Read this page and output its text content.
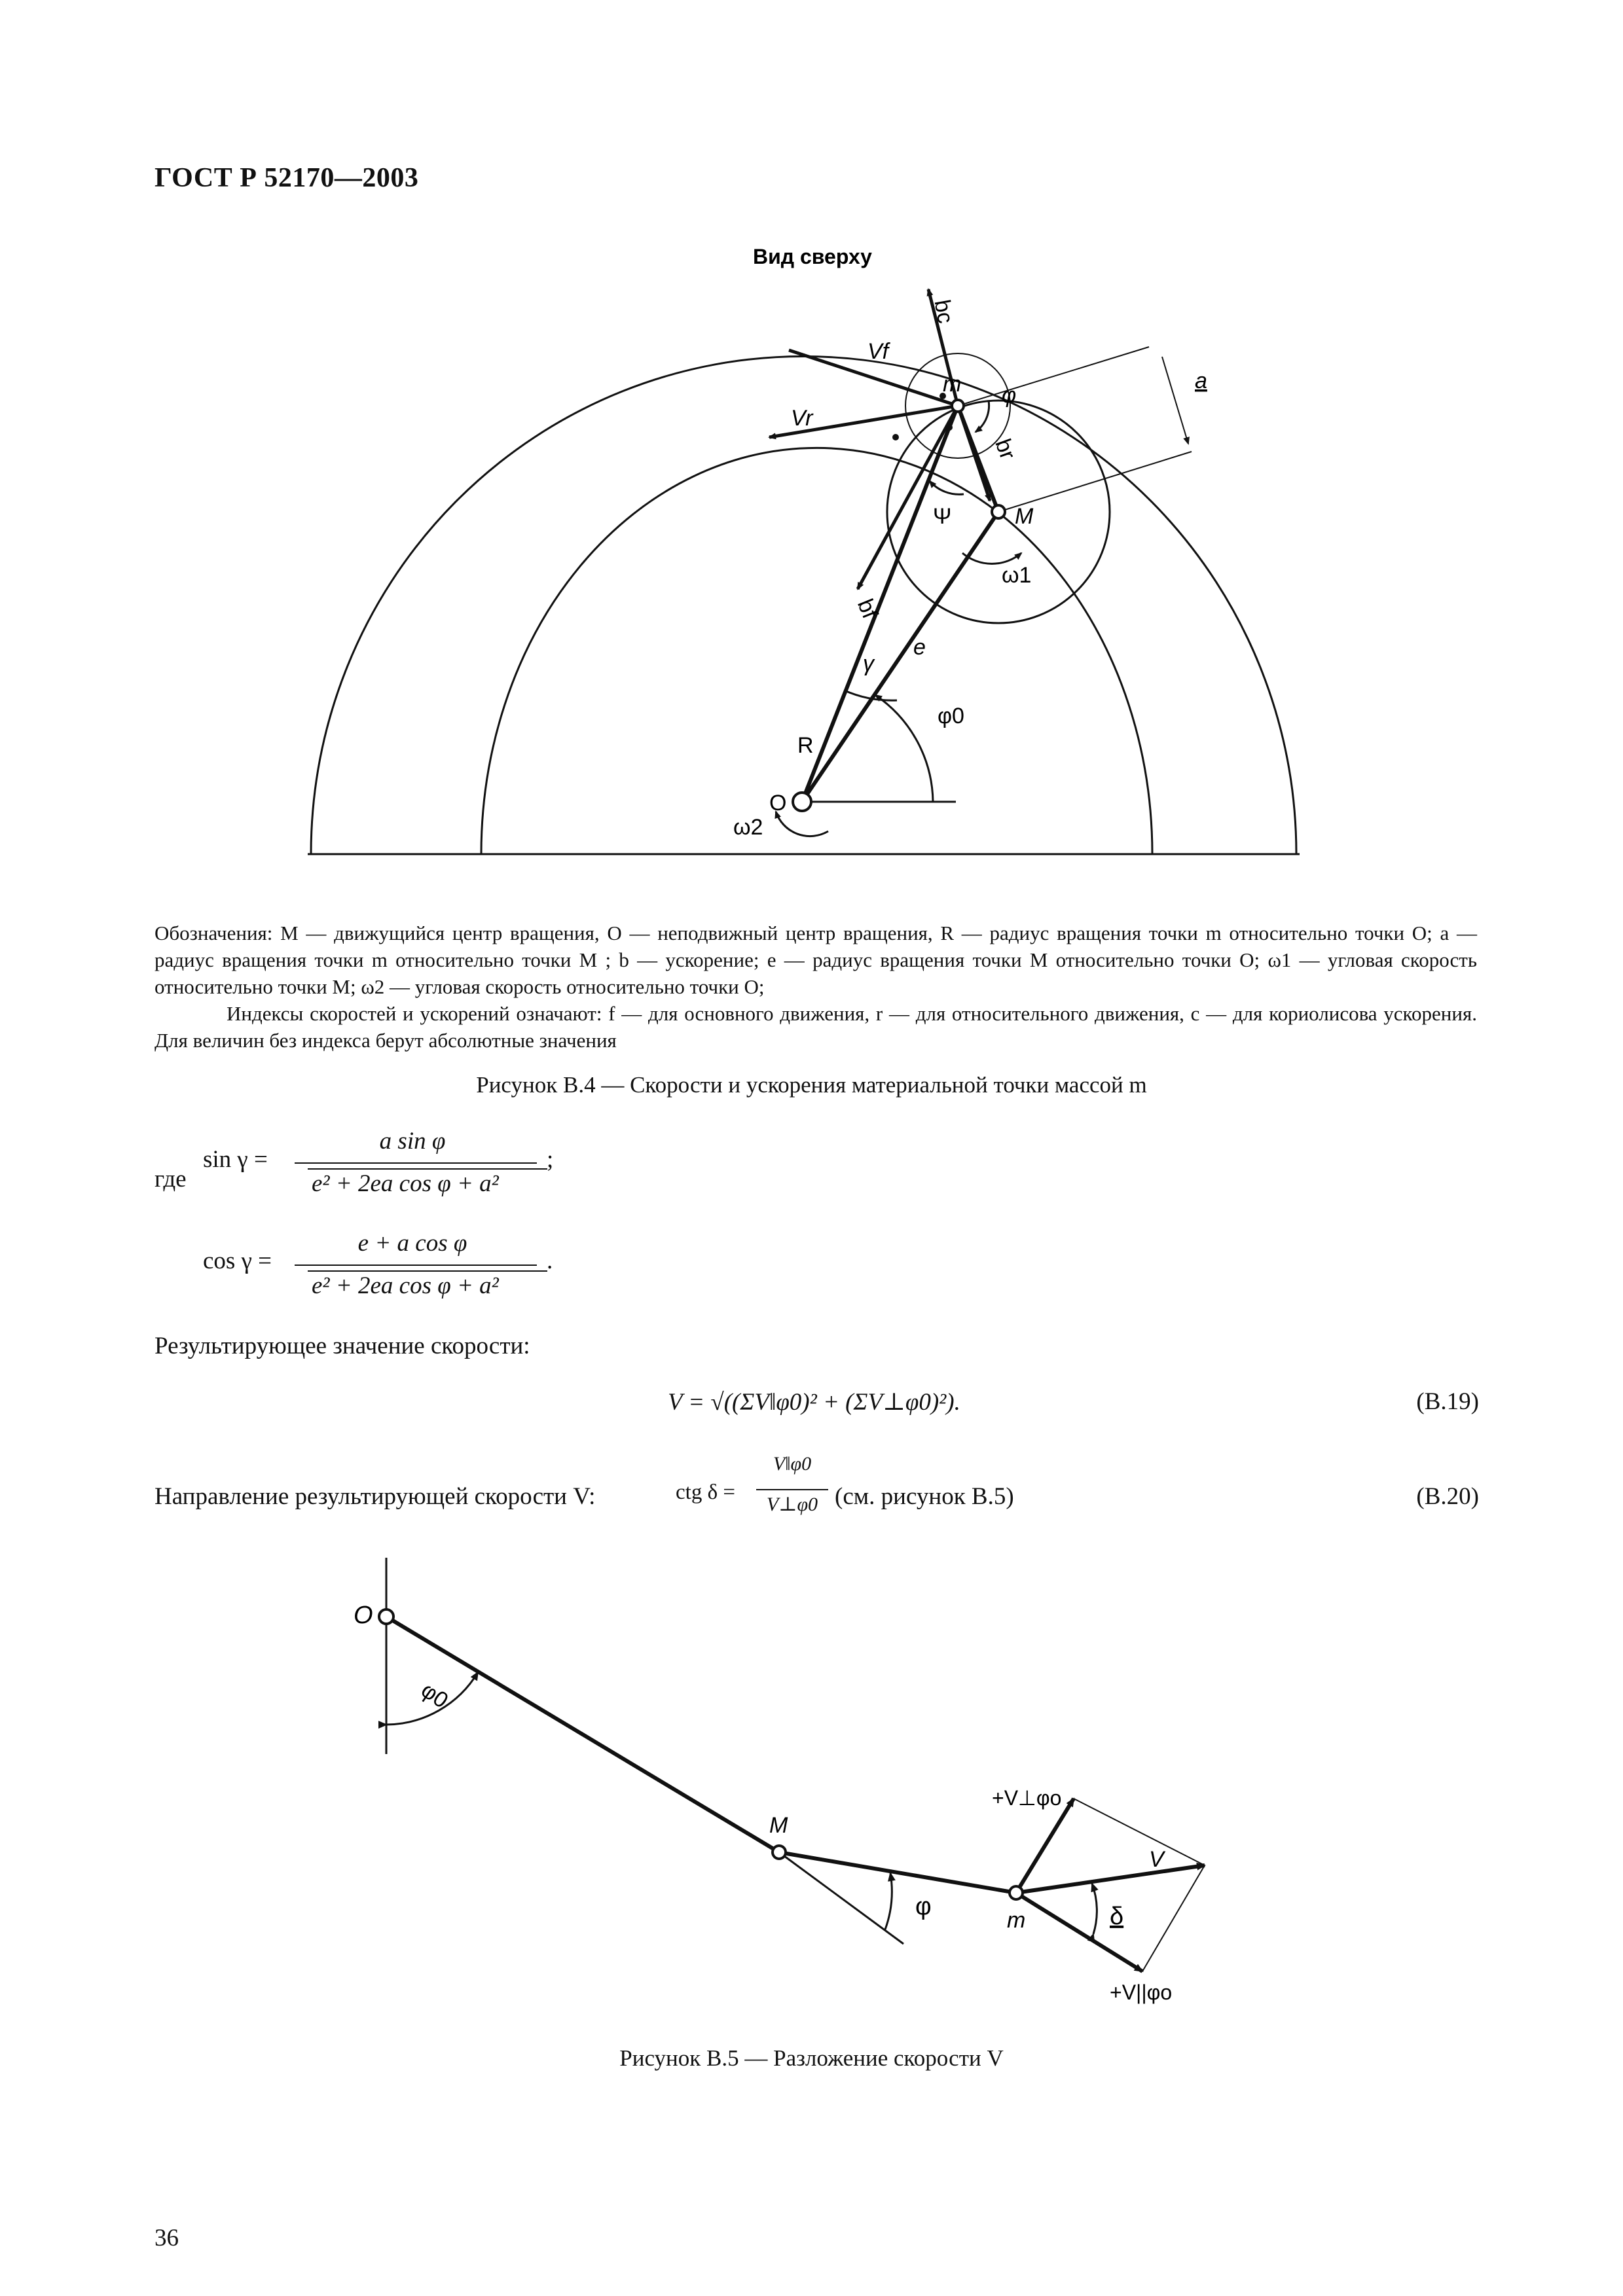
ГОСТ Р 52170—2003
Вид сверху
bc
Vf
Vr
m φ
a
br
Ψ	M
ω1
bf
γ
e
φ0
R
O
ω2

Обозначения: M — движущийся центр вращения, O — неподвижный центр вращения, R — радиус вращения точки m относительно точки O; a — радиус вращения точки m относительно точки M ; b — ускорение; e — радиус вращения точки M относительно точки O; ω1 — угловая скорость относительно точки M; ω2 — угловая скорость относительно точки O;

Индексы скоростей и ускорений означают: f — для основного движения, r — для относительного движения, c — для кориолисова ускорения. Для величин без индекса берут абсолютные значения

Рисунок В.4 — Скорости и ускорения материальной точки массой m
где
sin γ =
a sin φ
e² + 2ea cos φ + a²
;
cos γ =
e + a cos φ
e² + 2ea cos φ + a²
.
Результирующее значение скорости:
V = √((ΣV‖φ0)² + (ΣV⊥φ0)²).	(В.19)
Направление результирующей скорости V:	ctg δ =
V‖φ0
V⊥φ0 (см. рисунок В.5)	(В.20)
O
φ0
M
φ	m
+V⊥φo
V
δ
+V||φo
Рисунок В.5 — Разложение скорости V
36
